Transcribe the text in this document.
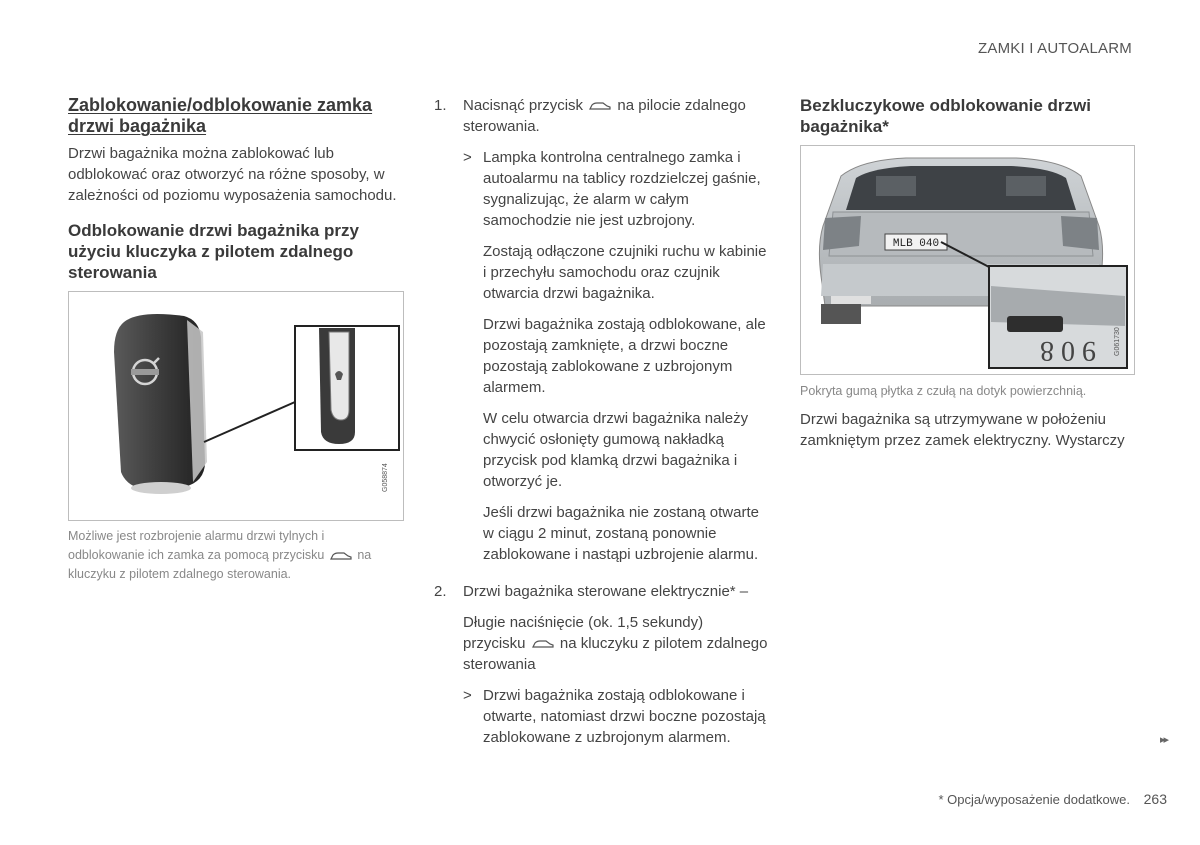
ZAMKI I AUTOALARM
Zablokowanie/odblokowanie zamka drzwi bagażnika

Drzwi bagażnika można zablokować lub odblokować oraz otworzyć na różne sposoby, w zależności od poziomu wyposażenia samochodu.

Odblokowanie drzwi bagażnika przy użyciu kluczyka z pilotem zdalnego sterowania
G058874
Możliwe jest rozbrojenie alarmu drzwi tylnych i odblokowanie ich zamka za pomocą przycisku	na kluczyku z pilotem zdalnego sterowania.
1. Nacisnąć przycisk na pilocie zdalnego sterowania.
> Lampka kontrolna centralnego zamka i autoalarmu na tablicy rozdzielczej gaśnie, sygnalizując, że alarm w całym samochodzie nie jest uzbrojony.
Zostają odłączone czujniki ruchu w kabinie i przechyłu samochodu oraz czujnik otwarcia drzwi bagażnika.
Drzwi bagażnika zostają odblokowane, ale pozostają zamknięte, a drzwi boczne pozostają zablokowane z uzbrojonym alarmem.
W celu otwarcia drzwi bagażnika należy chwycić osłonięty gumową nakładką przycisk pod klamką drzwi bagażnika i otworzyć je.
Jeśli drzwi bagażnika nie zostaną otwarte w ciągu 2 minut, zostaną ponownie zablokowane i nastąpi uzbrojenie alarmu.
2. Drzwi bagażnika sterowane elektrycznie* –
Długie naciśnięcie (ok. 1,5 sekundy) przycisku na kluczyku z pilotem zdalnego sterowania
> Drzwi bagażnika zostają odblokowane i otwarte, natomiast drzwi boczne pozostają zablokowane z uzbrojonym alarmem.
Bezkluczykowe odblokowanie drzwi bagażnika*
MLB 040
9 0 8	G061730
Pokryta gumą płytka z czułą na dotyk powierzchnią.

Drzwi bagażnika są utrzymywane w położeniu zamkniętym przez zamek elektryczny. Wystarczy

▸▸
* Opcja/wyposażenie dodatkowe. 263
